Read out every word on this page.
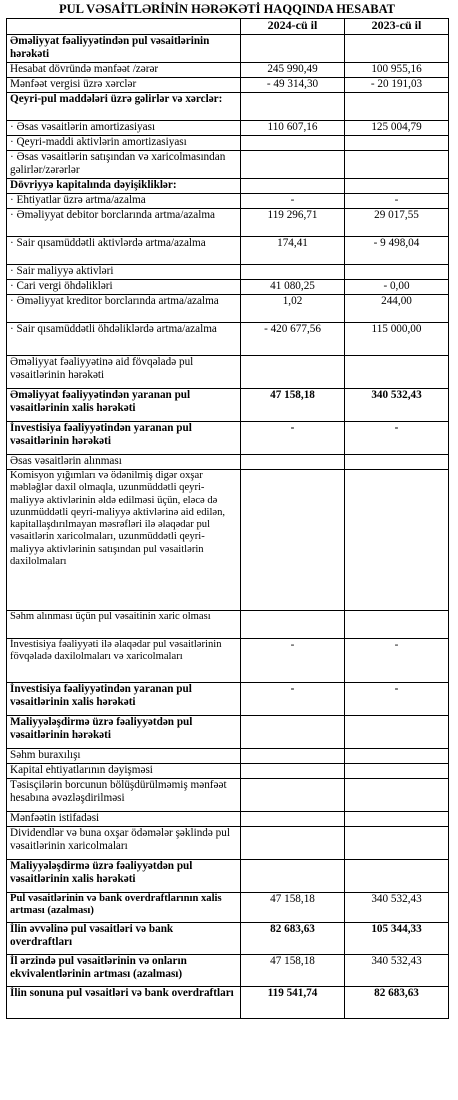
PUL VƏSAİTLƏRİNİN HƏRƏKƏTİ HAQQINDA HESABAT
	2024-cü il	2023-cü il
Əməliyyat fəaliyyətindən pul vəsaitlərinin hərəkəti		
Hesabat dövründə mənfəət /zərər	245 990,49	100 955,16
Mənfəət vergisi üzrə xərclər	- 49 314,30	- 20 191,03
Qeyri-pul maddələri üzrə gəlirlər və xərclər:		
· Əsas vəsaitlərin amortizasiyası	110 607,16	125 004,79
· Qeyri-maddi aktivlərin amortizasiyası		
· Əsas vəsaitlərin satışından və xaricolmasından gəlirlər/zərərlər		
Dövriyyə kapitalında dəyişikliklər:		
· Ehtiyatlar üzrə artma/azalma	-	-
· Əməliyyat debitor borclarında artma/azalma	119 296,71	29 017,55
· Sair qısamüddətli aktivlərdə artma/azalma	174,41	- 9 498,04
· Sair maliyyə aktivləri		
· Cari vergi öhdəlikləri	41 080,25	- 0,00
· Əməliyyat kreditor borclarında artma/azalma	1,02	244,00
· Sair qısamüddətli öhdəliklərdə artma/azalma	- 420 677,56	115 000,00
Əməliyyat fəaliyyətinə aid fövqəladə pul vəsaitlərinin hərəkəti		
Əməliyyat fəaliyyətindən yaranan pul vəsaitlərinin xalis hərəkəti	47 158,18	340 532,43
İnvestisiya fəaliyyətindən yaranan pul vəsaitlərinin hərəkəti	-	-
Əsas vəsaitlərin alınması		
Komisyon yığımları və ödənilmiş digər oxşar məbləğlər daxil olmaqla, uzunmüddətli qeyri-maliyyə aktivlərinin əldə edilməsi üçün, eləcə də uzunmüddətli qeyri-maliyyə aktivlərinə aid edilən, kapitallaşdırılmayan məsrəfləri ilə əlaqədar pul vəsaitlərin xaricolmaları, uzunmüddətli qeyri-maliyyə aktivlərinin satışından pul vəsaitlərin daxilolmaları		
Səhm alınması üçün pul vəsaitinin xaric olması		
İnvestisiya fəaliyyəti ilə əlaqədar pul vəsaitlərinin fövqəladə daxilolmaları və xaricolmaları	-	-
İnvestisiya fəaliyyətindən yaranan pul vəsaitlərinin xalis hərəkəti	-	-
Maliyyələşdirmə üzrə fəaliyyətdən pul vəsaitlərinin hərəkəti		
Səhm buraxılışı		
Kapital ehtiyatlarının dəyişməsi		
Təsisçilərin borcunun bölüşdürülməmiş mənfəət hesabına əvəzləşdirilməsi		
Mənfəətin istifadəsi		
Dividendlər və buna oxşar ödəmələr şəklində pul vəsaitlərinin xaricolmaları		
Maliyyələşdirmə üzrə fəaliyyətdən pul vəsaitlərinin xalis hərəkəti		
Pul vəsaitlərinin və bank overdraftlarının xalis artması (azalması)	47 158,18	340 532,43
İlin əvvəlinə pul vəsaitləri və bank overdraftları	82 683,63	105 344,33
İl ərzində pul vəsaitlərinin və onların ekvivalentlərinin artması (azalması)	47 158,18	340 532,43
İlin sonuna pul vəsaitləri və bank overdraftları	119 541,74	82 683,63
